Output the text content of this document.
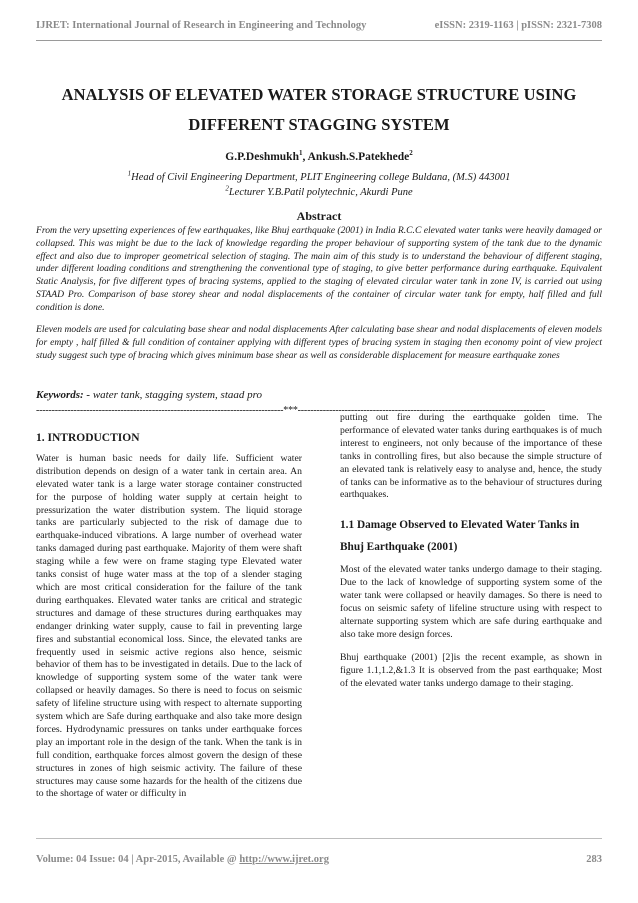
IJRET: International Journal of Research in Engineering and Technology	eISSN: 2319-1163 | pISSN: 2321-7308
ANALYSIS OF ELEVATED WATER STORAGE STRUCTURE USING
DIFFERENT STAGGING SYSTEM
G.P.Deshmukh$^1$, Ankush.S.Patekhede$^2$
$^1$Head of Civil Engineering Department, PLIT Engineering college Buldana, (M.S) 443001
$^2$Lecturer Y.B.Patil polytechnic, Akurdi Pune
Abstract

From the very upsetting experiences of few earthquakes, like Bhuj earthquake (2001) in India R.C.C elevated water tanks were heavily damaged or collapsed. This was might be due to the lack of knowledge regarding the proper behaviour of supporting system of the tank due to the dynamic effect and also due to improper geometrical selection of staging. The main aim of this study is to understand the behaviour of different staging, under different loading conditions and strengthening the conventional type of staging, to give better performance during earthquake. Equivalent Static Analysis, for five different types of bracing systems, applied to the staging of elevated circular water tank in zone IV, is carried out using STAAD Pro. Comparison of base storey shear and nodal displacements of the container of circular water tank for empty, half filled and full condition is done.

Eleven models are used for calculating base shear and nodal displacements After calculating base shear and nodal displacements of eleven models for empty , half filled & full condition of container applying with different types of bracing system in staging then economy point of view project study suggest such type of bracing which gives minimum base shear as well as considerable displacement for measure earthquake zones

Keywords: - water tank, stagging system, staad pro
-------------------------------------------------------------------------------***-------------------------------------------------------------------------------
1. INTRODUCTION

Water is human basic needs for daily life. Sufficient water distribution depends on design of a water tank in certain area. An elevated water tank is a large water storage container constructed for the purpose of holding water supply at certain height to pressurization the water distribution system. The liquid storage tanks are particularly subjected to the risk of damage due to earthquake-induced vibrations. A large number of overhead water tanks damaged during past earthquake. Majority of them were shaft staging while a few were on frame staging type Elevated water tanks consist of huge water mass at the top of a slender staging which are most critical consideration for the failure of the tank during earthquakes. Elevated water tanks are critical and strategic structures and damage of these structures during earthquakes may endanger drinking water supply, cause to fail in preventing large fires and substantial economical loss. Since, the elevated tanks are frequently used in seismic active regions also hence, seismic behavior of them has to be investigated in details. Due to the lack of knowledge of supporting system some of the water tank were collapsed or heavily damages. So there is need to focus on seismic safety of lifeline structure using with respect to alternate supporting system which are Safe during earthquake and also take more design forces. Hydrodynamic pressures on tanks under earthquake forces play an important role in the design of the tank. When the tank is in full condition, earthquake forces almost govern the design of these structures in zones of high seismic activity. The failure of these structures may cause some hazards for the health of the citizens due to the shortage of water or difficulty in

putting out fire during the earthquake golden time. The performance of elevated water tanks during earthquakes is of much interest to engineers, not only because of the importance of these tanks in controlling fires, but also because the simple structure of an elevated tank is relatively easy to analyse and, hence, the study of tanks can be informative as to the behaviour of structures during earthquakes.

1.1 Damage Observed to Elevated Water Tanks in Bhuj Earthquake (2001)

Most of the elevated water tanks undergo damage to their staging. Due to the lack of knowledge of supporting system some of the water tank were collapsed or heavily damages. So there is need to focus on seismic safety of lifeline structure using with respect to alternate supporting system which are safe during earthquake and also take more design forces.

Bhuj earthquake (2001) [2]is the recent example, as shown in figure 1.1,1.2,&1.3 It is observed from the past earthquake; Most of the elevated water tanks undergo damage to their staging.

Volume: 04 Issue: 04 | Apr-2015, Available @ http://www.ijret.org	283
